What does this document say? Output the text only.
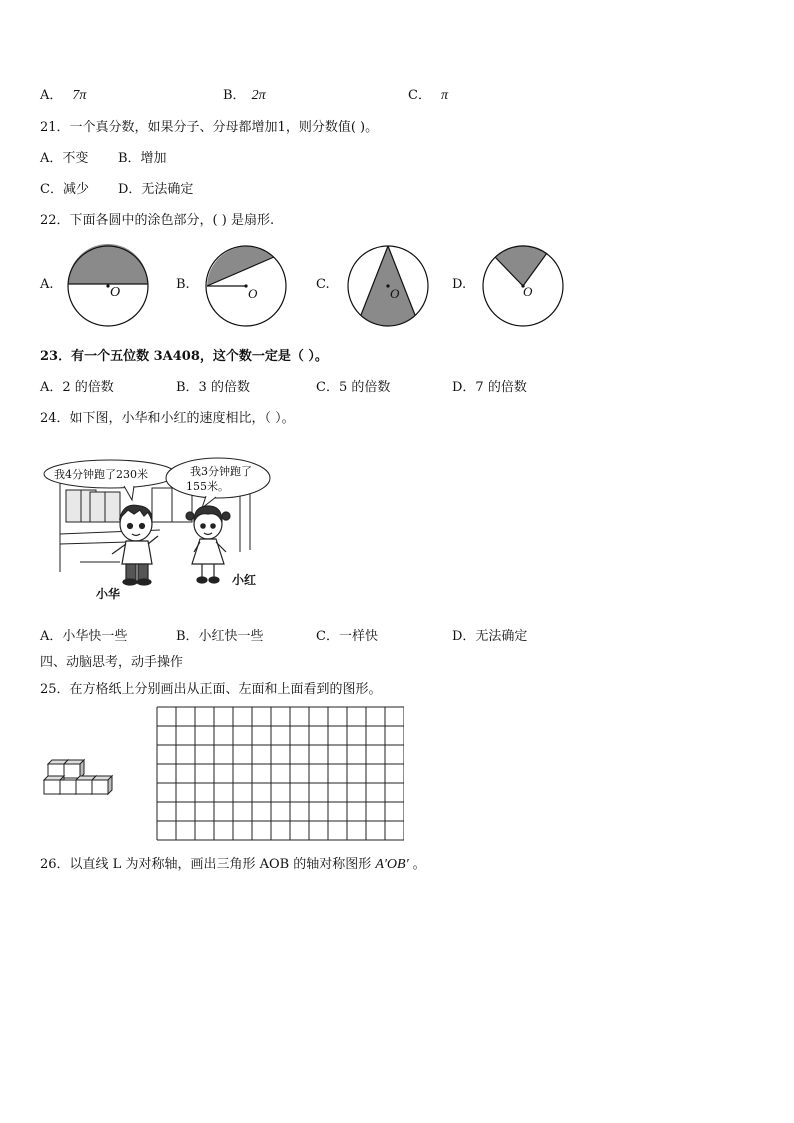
A． 7π	B． 2π	C． π
21．一个真分数，如果分子、分母都增加1，则分数值( )。
A．不变 B．增加
C．减少 D．无法确定
22．下面各圆中的涂色部分，( ) 是扇形.
A.
O
B.
O
C.
O
D.	O
23．有一个五位数 3A408，这个数一定是（ ）。
A．2 的倍数	B．3 的倍数	C．5 的倍数	D．7 的倍数
24．如下图，小华和小红的速度相比，（ ）。
我4分钟跑了230米	我3分钟跑了
155米。
小华
小红
A．小华快一些	B．小红快一些	C．一样快	D．无法确定
四、动脑思考，动手操作
25．在方格纸上分别画出从正面、左面和上面看到的图形。
26．以直线 L 为对称轴，画出三角形 AOB 的轴对称图形 A′OB′ 。
